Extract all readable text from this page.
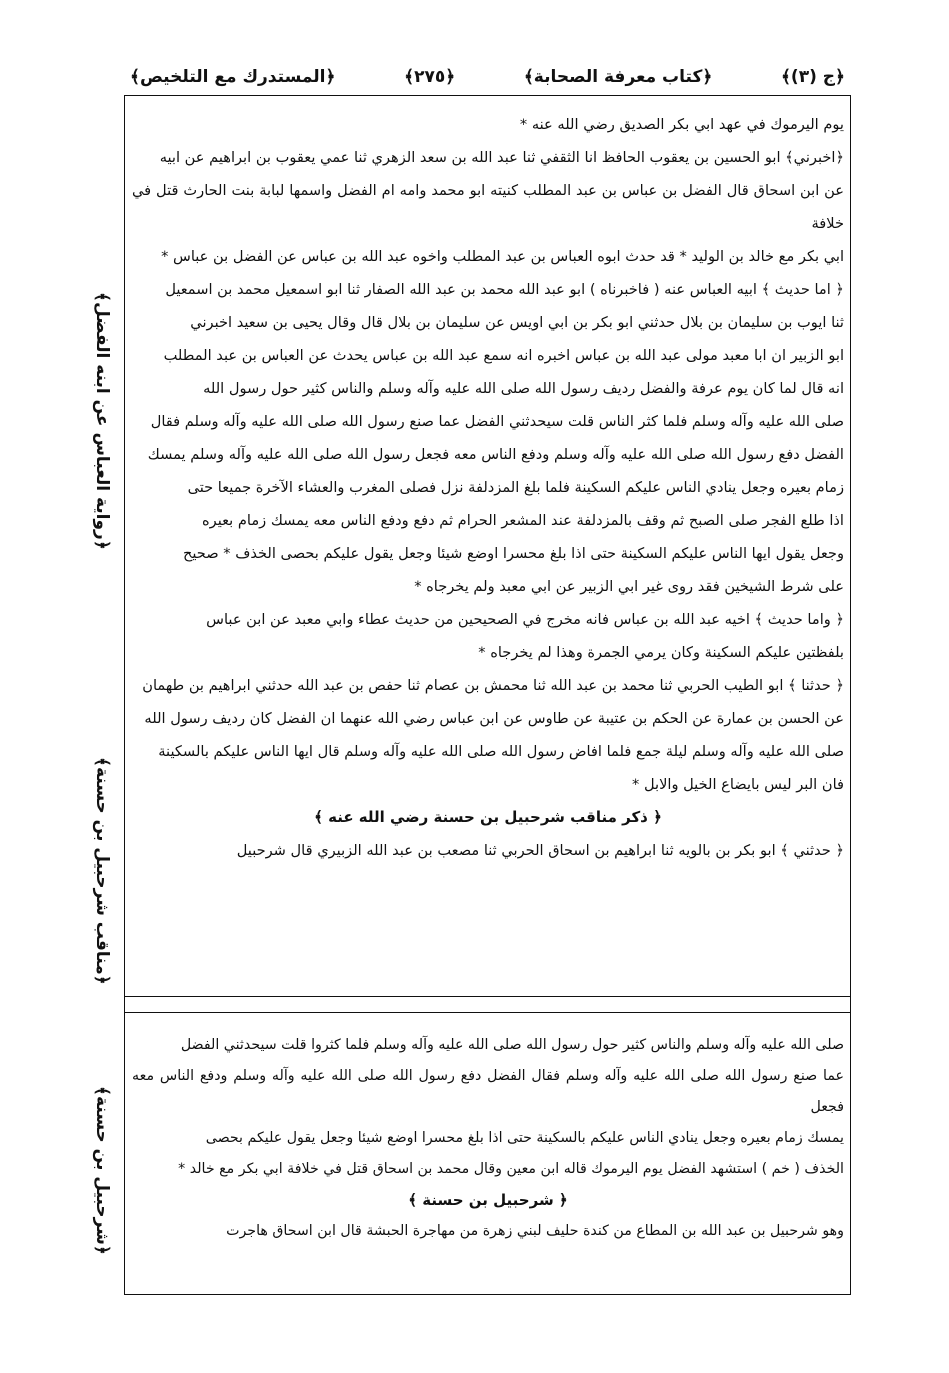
﴿المستدرك مع التلخيص﴾	﴿٢٧٥﴾	﴿كتاب معرفة الصحابة﴾	﴿ج (٣)﴾
﴿رواية العباس عن ابنه الفضل﴾
﴿مناقب شرحبيل بن حسنة﴾
﴿شرحبيل بن حسنة﴾

يوم اليرموك في عهد ابي بكر الصديق رضي الله عنه *

﴿اخبرني﴾ ابو الحسين بن يعقوب الحافظ انا الثقفي ثنا عبد الله بن سعد الزهري ثنا عمي يعقوب بن ابراهيم عن ابيه

عن ابن اسحاق قال الفضل بن عباس بن عبد المطلب كنيته ابو محمد وامه ام الفضل واسمها لبابة بنت الحارث قتل في خلافة

ابي بكر مع خالد بن الوليد * قد حدث ابوه العباس بن عبد المطلب واخوه عبد الله بن عباس عن الفضل بن عباس *

﴿ اما حديث ﴾ ابيه العباس عنه ( فاخبرناه ) ابو عبد الله محمد بن عبد الله الصفار ثنا ابو اسمعيل محمد بن اسمعيل

ثنا ايوب بن سليمان بن بلال حدثني ابو بكر بن ابي اويس عن سليمان بن بلال قال وقال يحيى بن سعيد اخبرني

ابو الزبير ان ابا معبد مولى عبد الله بن عباس اخبره انه سمع عبد الله بن عباس يحدث عن العباس بن عبد المطلب

انه قال لما كان يوم عرفة والفضل رديف رسول الله صلى الله عليه وآله وسلم والناس كثير حول رسول الله

صلى الله عليه وآله وسلم فلما كثر الناس قلت سيحدثني الفضل عما صنع رسول الله صلى الله عليه وآله وسلم فقال

الفضل دفع رسول الله صلى الله عليه وآله وسلم ودفع الناس معه فجعل رسول الله صلى الله عليه وآله وسلم يمسك

زمام بعيره وجعل ينادي الناس عليكم السكينة فلما بلغ المزدلفة نزل فصلى المغرب والعشاء الآخرة جميعا حتى

اذا طلع الفجر صلى الصبح ثم وقف بالمزدلفة عند المشعر الحرام ثم دفع ودفع الناس معه يمسك زمام بعيره

وجعل يقول ايها الناس عليكم السكينة حتى اذا بلغ محسرا اوضع شيئا وجعل يقول عليكم بحصى الخذف * صحيح

على شرط الشيخين فقد روى غير ابي الزبير عن ابي معبد ولم يخرجاه *

﴿ واما حديث ﴾ اخيه عبد الله بن عباس فانه مخرج في الصحيحين من حديث عطاء وابي معبد عن ابن عباس

بلفظتين عليكم السكينة وكان يرمي الجمرة وهذا لم يخرجاه *

﴿ حدثنا ﴾ ابو الطيب الحربي ثنا محمد بن عبد الله ثنا محمش بن عصام ثنا حفص بن عبد الله حدثني ابراهيم بن طهمان

عن الحسن بن عمارة عن الحكم بن عتيبة عن طاوس عن ابن عباس رضي الله عنهما ان الفضل كان رديف رسول الله

صلى الله عليه وآله وسلم ليلة جمع فلما افاض رسول الله صلى الله عليه وآله وسلم قال ايها الناس عليكم بالسكينة

فان البر ليس بايضاع الخيل والابل *

﴿ ذكر مناقب شرحبيل بن حسنة رضي الله عنه ﴾

﴿ حدثني ﴾ ابو بكر بن بالويه ثنا ابراهيم بن اسحاق الحربي ثنا مصعب بن عبد الله الزبيري قال شرحبيل

صلى الله عليه وآله وسلم والناس كثير حول رسول الله صلى الله عليه وآله وسلم فلما كثروا قلت سيحدثني الفضل

عما صنع رسول الله صلى الله عليه وآله وسلم فقال الفضل دفع رسول الله صلى الله عليه وآله وسلم ودفع الناس معه فجعل

يمسك زمام بعيره وجعل ينادي الناس عليكم بالسكينة حتى اذا بلغ محسرا اوضع شيئا وجعل يقول عليكم بحصى

الخذف ( خم ) استشهد الفضل يوم اليرموك قاله ابن معين وقال محمد بن اسحاق قتل في خلافة ابي بكر مع خالد *

﴿ شرحبيل بن حسنة ﴾

وهو شرحبيل بن عبد الله بن المطاع من كندة حليف لبني زهرة من مهاجرة الحبشة قال ابن اسحاق هاجرت
